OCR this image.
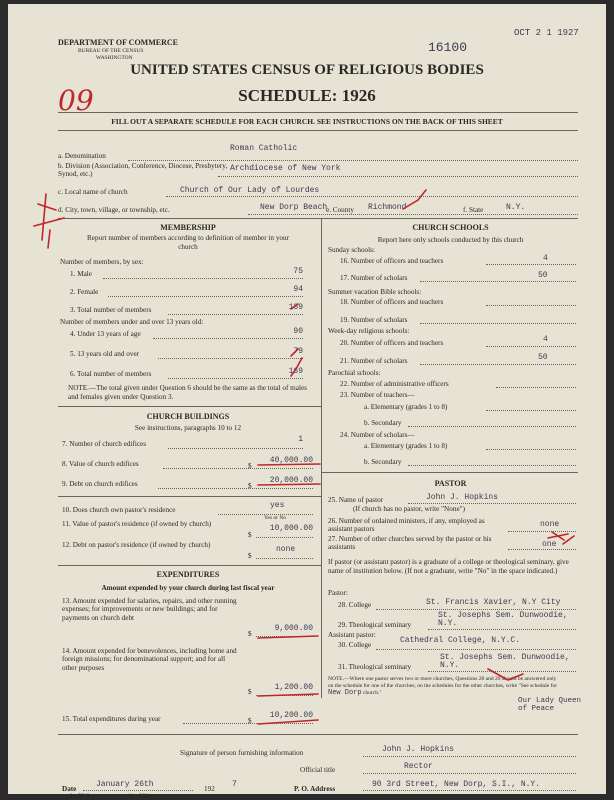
DEPARTMENT OF COMMERCE
BUREAU OF THE CENSUS
WASHINGTON
16100
OCT 2 1 1927
UNITED STATES CENSUS OF RELIGIOUS BODIES
SCHEDULE: 1926
09
FILL OUT A SEPARATE SCHEDULE FOR EACH CHURCH. SEE INSTRUCTIONS ON THE BACK OF THIS SHEET
a. Denomination
Roman Catholic
b. Division (Association, Conference, Diocese, Presbytery, Synod, etc.)
Archdiocese of New York
c. Local name of church	Church of Our Lady of Lourdes
d. City, town, village, or township, etc.	New Dorp Beach
e. County Richmond	f. State	N.Y.
MEMBERSHIP
Report number of members according to definition of member in your church
Number of members, by sex:
1. Male	75
2. Female	94
3. Total number of members	169
Number of members under and over 13 years old:
4. Under 13 years of age	90
5. 13 years old and over	79
6. Total number of members	169
NOTE.—The total given under Question 6 should be the same as the total of males and females given under Question 3.
CHURCH BUILDINGS
See instructions, paragraphs 10 to 12
7. Number of church edifices	1
8. Value of church edifices	$
40,000.00
9. Debt on church edifices	$
20,000.00
10. Does church own pastor's residence	yes
Yes or No
11. Value of pastor's residence (if owned by church)
$
10,000.00
12. Debt on pastor's residence (if owned by church)
$
none
EXPENDITURES
Amount expended by your church during last fiscal year
13. Amount expended for salaries, repairs, and other running expenses; for improvements or new buildings; and for payments on church debt
$
9,000.00
14. Amount expended for benevolences, including home and foreign missions; for denominational support; and for all other purposes
$	1,200.00
15. Total expenditures during year	$
10,200.00
CHURCH SCHOOLS
Report here only schools conducted by this church
Sunday schools:
16. Number of officers and teachers	4
17. Number of scholars	50
Summer vacation Bible schools:
18. Number of officers and teachers
19. Number of scholars
Week-day religious schools:
20. Number of officers and teachers	4
21. Number of scholars	50
Parochial schools:
22. Number of administrative officers
23. Number of teachers—
a. Elementary (grades 1 to 8)
b. Secondary
24. Number of scholars—
a. Elementary (grades 1 to 8)
b. Secondary
PASTOR
25. Name of pastor	John J. Hopkins
(If church has no pastor, write "None")
26. Number of ordained ministers, if any, employed as assistant pastors
none
27. Number of other churches served by the pastor or his assistants	one
If pastor (or assistant pastor) is a graduate of a college or theological seminary, give name of institution below. (If not a graduate, write "No" in the space indicated.)
Pastor:
28. College	St. Francis Xavier, N.Y City
29. Theological seminary
St. Josephs Sem. Dunwoodie, N.Y.
Assistant pastor:
30. College	Cathedral College, N.Y.C.
31. Theological seminary
St. Josephs Sem. Dunwoodie, N.Y.
NOTE.—Where one pastor serves two or more churches, Questions 28 and 29 should be answered only on the schedule for one of the churches; on the schedules for the other churches, write "See schedule for New Dorp church."
Our Lady Queen of Peace
Signature of person furnishing information	John J. Hopkins
Official title	Rector
Date January 26th	192 7	P. O. Address	90 3rd Street, New Dorp, S.I., N.Y.
8—5518 a	11—9024
